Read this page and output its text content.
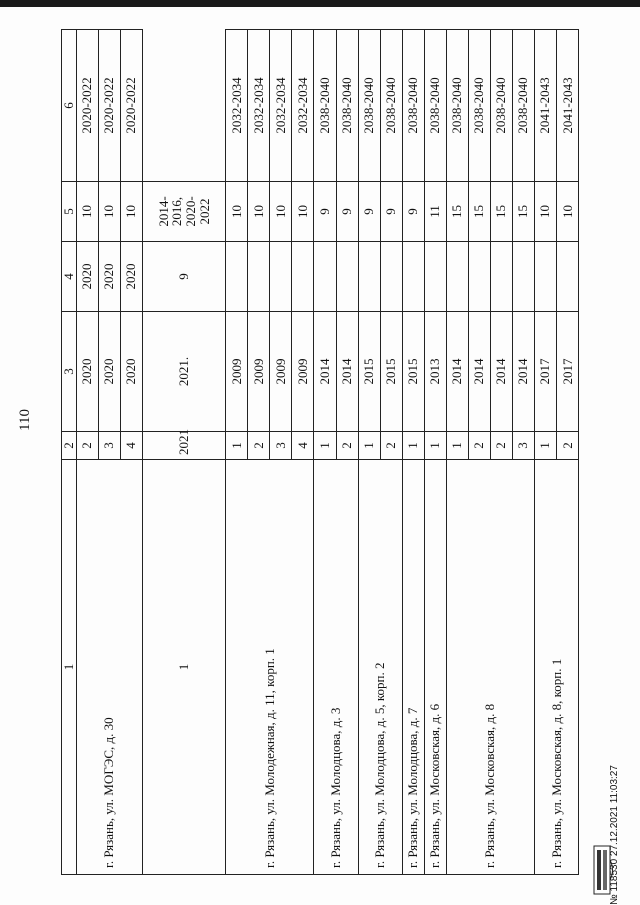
110
1	2	3	4	5	6
г. Рязань, ул. МОГЭС, д. 30	2	2020	2020	10	2020-2022
	3	2020	2020	10	2020-2022
	4	2020	2020	10	2020-2022
1	2021	2021.	9	2014-2016, 2020-2022	
г. Рязань, ул. Молодежная, д. 11, корп. 1	1	2009		10	2032-2034
	2	2009		10	2032-2034
	3	2009		10	2032-2034
	4	2009		10	2032-2034
г. Рязань, ул. Молодцова, д. 3	1	2014		9	2038-2040
	2	2014		9	2038-2040
г. Рязань, ул. Молодцова, д. 5, корп. 2	1	2015		9	2038-2040
	2	2015		9	2038-2040
г. Рязань, ул. Молодцова, д. 7	1	2015		9	2038-2040
г. Рязань, ул. Московская, д. 6	1	2013		11	2038-2040
г. Рязань, ул. Московская, д. 8	1	2014		15	2038-2040
	2	2014		15	2038-2040
	2	2014		15	2038-2040
	3	2014		15	2038-2040
г. Рязань, ул. Московская, д. 8, корп. 1	1	2017		10	2041-2043
	2	2017		10	2041-2043
№ 118530 27.12.2021 11:03:27
